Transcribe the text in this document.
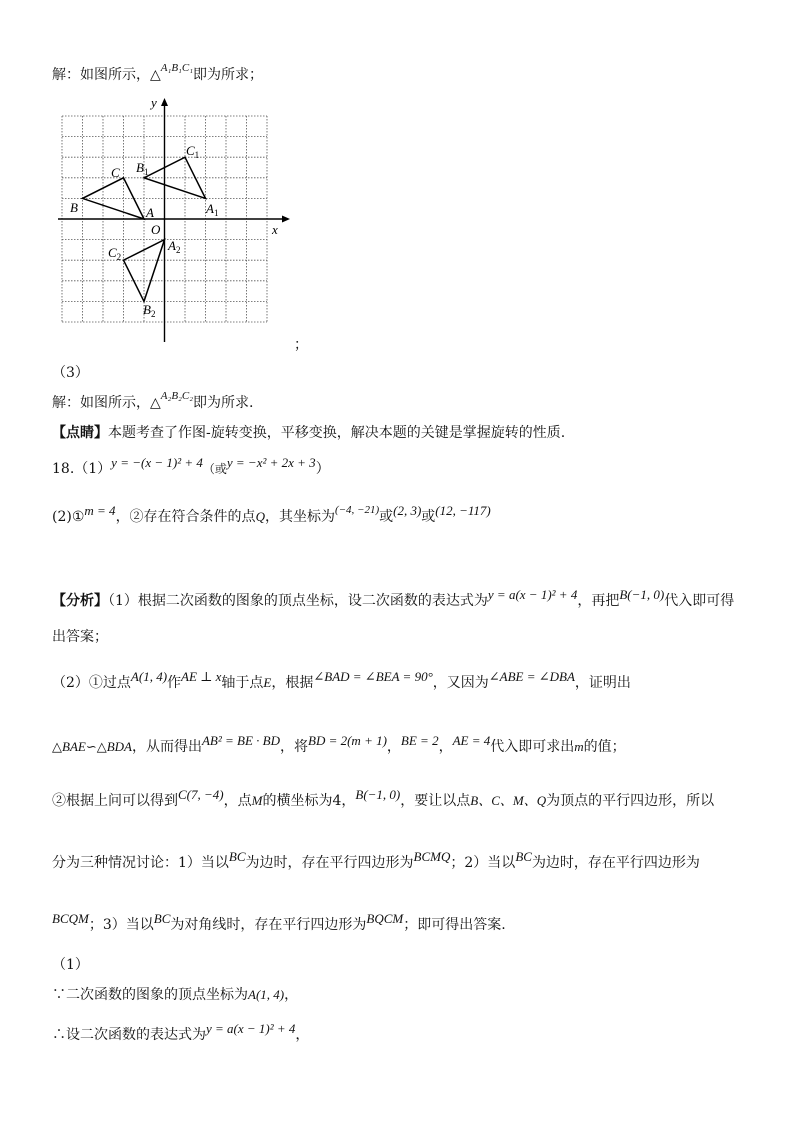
解：如图所示，△$^{A_1B_1C_1}$即为所求；
x
y
O
A
B
C
$A_1$
$B_1$
$C_1$
$A_2$
$B_2$
$C_2$
；
（3）
解：如图所示，△$^{A_2B_2C_2}$即为所求.
【点睛】本题考查了作图-旋转变换，平移变换，解决本题的关键是掌握旋转的性质.
18.（1）y = −(x − 1)² + 4（或y = −x² + 2x + 3）
(2)①m = 4，②存在符合条件的点Q，其坐标为$^{(-4, -21)}$或(2, 3)或(12, −117)
【分析】（1）根据二次函数的图象的顶点坐标，设二次函数的表达式为y = a(x − 1)² + 4，再把B(−1, 0)代入即可得
出答案；
（2）①过点A(1, 4)作AE ⊥ x轴于点E，根据∠BAD = ∠BEA = 90°，又因为∠ABE = ∠DBA，证明出
△BAE∽△BDA，从而得出AB² = BE · BD，将BD = 2(m + 1)，BE = 2，AE = 4代入即可求出m的值；
②根据上问可以得到C(7, −4)，点M的横坐标为4，B(−1, 0)，要让以点B、C、M、Q为顶点的平行四边形，所以
分为三种情况讨论：1）当以BC为边时，存在平行四边形为BCMQ；2）当以BC为边时，存在平行四边形为
BCQM；3）当以BC为对角线时，存在平行四边形为BQCM；即可得出答案.
（1）
∵二次函数的图象的顶点坐标为A(1, 4)，
∴设二次函数的表达式为y = a(x − 1)² + 4，
